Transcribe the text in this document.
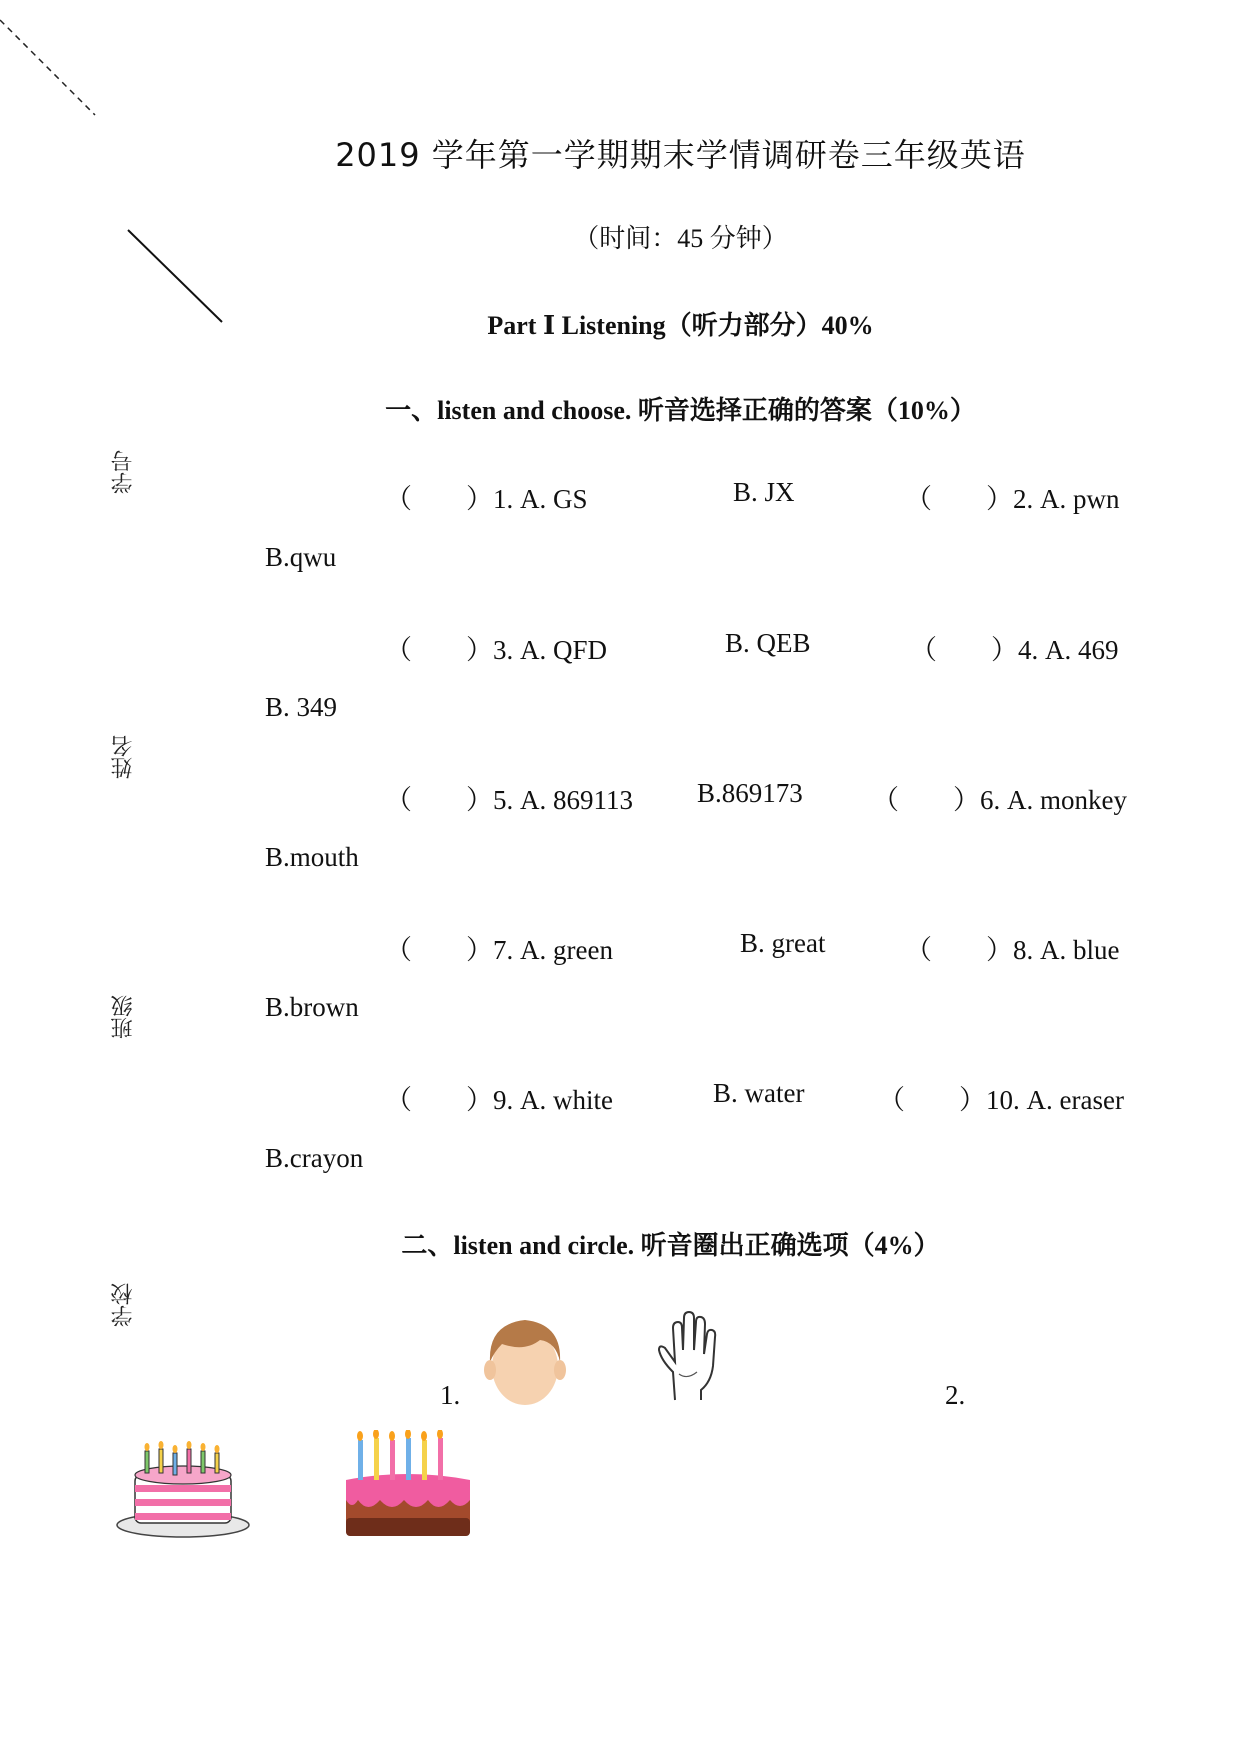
学号
姓名
班级
学校
2019 学年第一学期期末学情调研卷三年级英语
（时间：45 分钟）
Part Ⅰ Listening（听力部分）40%
一、listen and choose. 听音选择正确的答案（10%）
（　　）1. A. GS	B. JX	（　　）2. A. pwn
B.qwu
（　　）3. A. QFD	B. QEB	（　　）4. A. 469
B. 349
（　　）5. A. 869113 B.869173	（　　）6. A. monkey
B.mouth
（　　）7. A. green	B. great	（　　）8. A. blue
B.brown
（　　）9. A. white	B. water	（　　）10. A. eraser
B.crayon
二、listen and circle. 听音圈出正确选项（4%）
1.	2.
